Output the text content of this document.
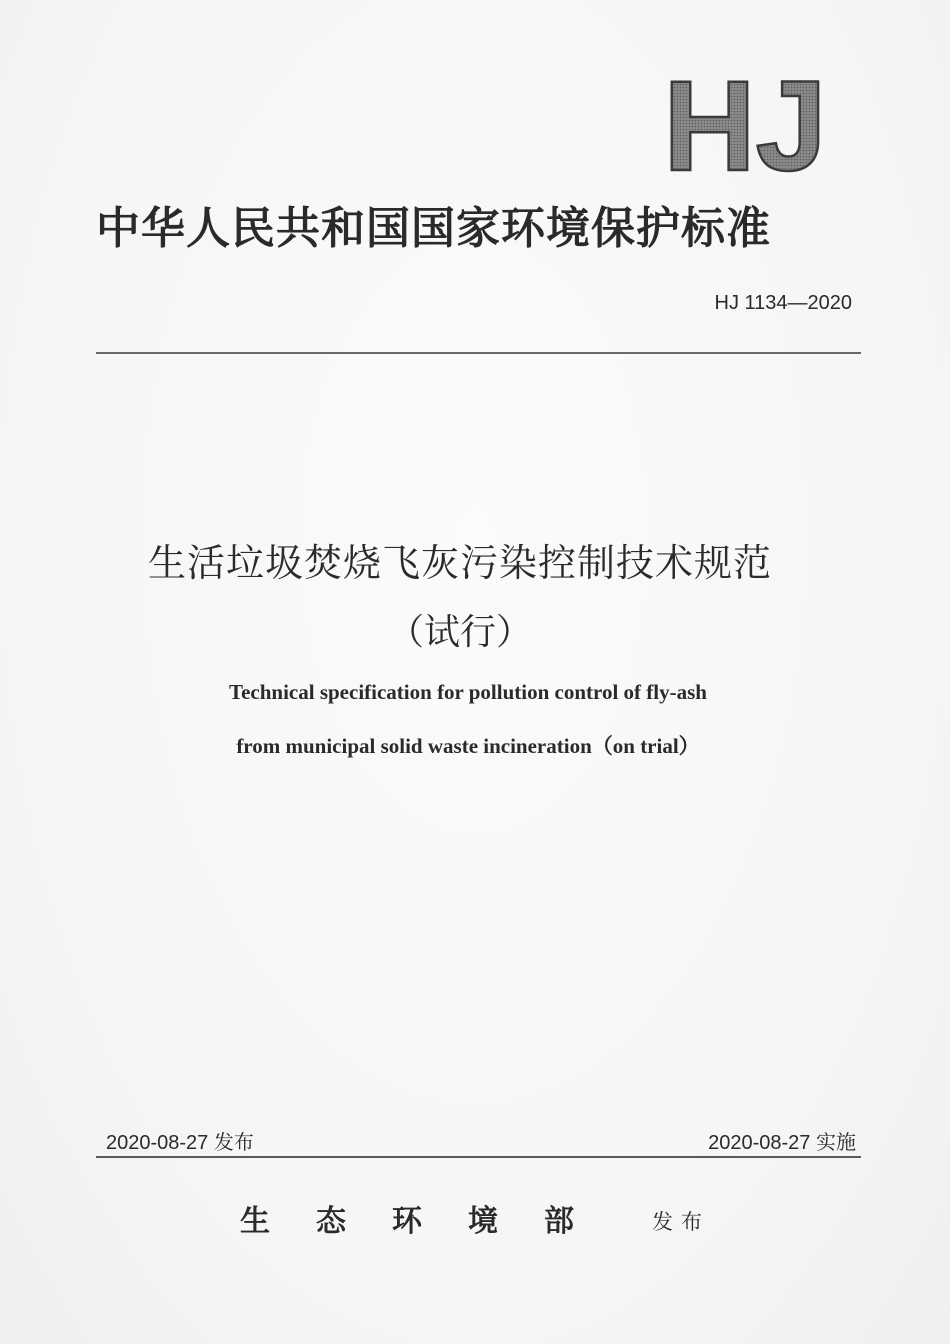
HJ
中华人民共和国国家环境保护标准
HJ 1134—2020
生活垃圾焚烧飞灰污染控制技术规范
（试行）
Technical specification for pollution control of fly-ash
from municipal solid waste incineration（on trial）
2020-08-27 发布	2020-08-27 实施
生态环境部 发布
